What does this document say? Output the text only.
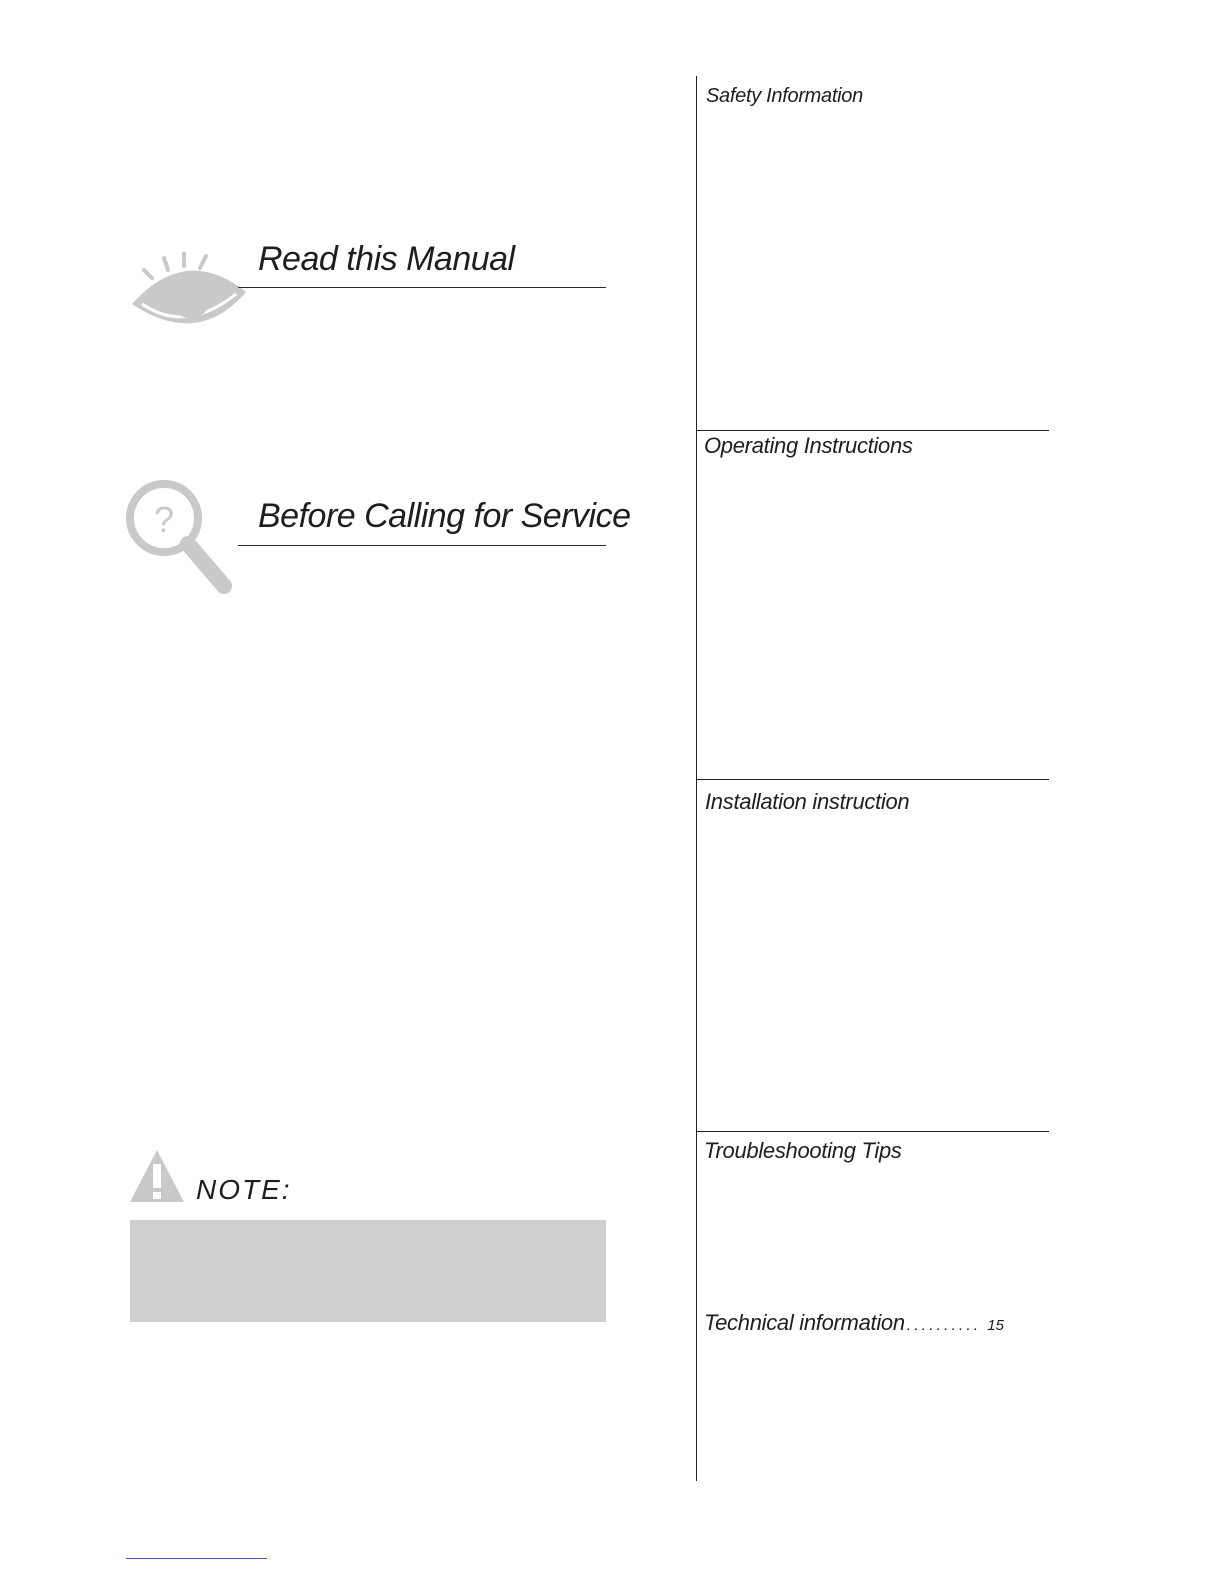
Read this Manual
? Before Calling for Service
NOTE:
Safety Information
Operating Instructions
Installation instruction
Troubleshooting Tips
Technical information .......... 15
